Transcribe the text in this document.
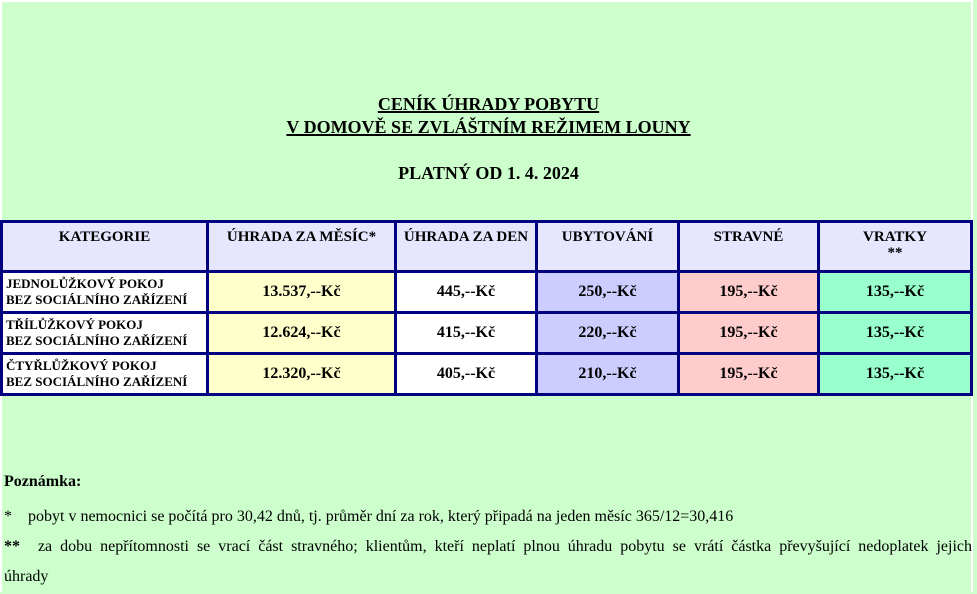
CENÍK ÚHRADY POBYTU
V DOMOVĚ SE ZVLÁŠTNÍM REŽIMEM LOUNY
PLATNÝ OD 1. 4. 2024
KATEGORIE	ÚHRADA ZA MĚSÍC*	ÚHRADA ZA DEN	UBYTOVÁNÍ	STRAVNÉ	VRATKY
**

JEDNOLŮŽKOVÝ POKOJ
BEZ SOCIÁLNÍHO ZAŘÍZENÍ	13.537,--Kč	445,--Kč	250,--Kč	195,--Kč	135,--Kč

TŘÍLŮŽKOVÝ POKOJ
BEZ SOCIÁLNÍHO ZAŘÍZENÍ	12.624,--Kč	415,--Kč	220,--Kč	195,--Kč	135,--Kč

ČTYŘLŮŽKOVÝ POKOJ
BEZ SOCIÁLNÍHO ZAŘÍZENÍ	12.320,--Kč	405,--Kč	210,--Kč	195,--Kč	135,--Kč
Poznámka:
* pobyt v nemocnici se počítá pro 30,42 dnů, tj. průměr dní za rok, který připadá na jeden měsíc 365/12=30,416
** za dobu nepřítomnosti se vrací část stravného; klientům, kteří neplatí plnou úhradu pobytu se vrátí částka převyšující nedoplatek jejich úhrady
